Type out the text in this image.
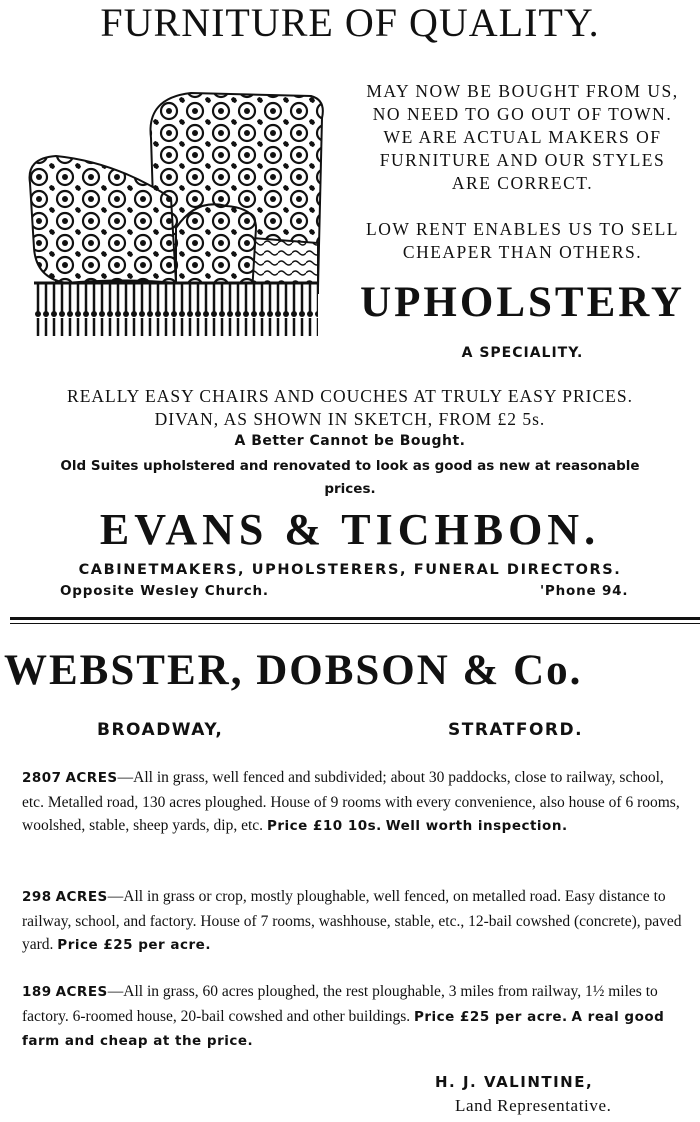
FURNITURE OF QUALITY.
MAY NOW BE BOUGHT FROM US,
NO NEED TO GO OUT OF TOWN.
WE ARE ACTUAL MAKERS OF
FURNITURE AND OUR STYLES
ARE CORRECT.
LOW RENT ENABLES US TO SELL
CHEAPER THAN OTHERS.
UPHOLSTERY
A SPECIALITY.
REALLY EASY CHAIRS AND COUCHES AT TRULY EASY PRICES.
DIVAN, AS SHOWN IN SKETCH, FROM £2 5s.
A Better Cannot be Bought.
Old Suites upholstered and renovated to look as good as new at reasonable
prices.
EVANS & TICHBON.
CABINETMAKERS, UPHOLSTERERS, FUNERAL DIRECTORS.
Opposite Wesley Church.	'Phone 94.
WEBSTER, DOBSON & Co.
BROADWAY,	STRATFORD.
2807 ACRES—All in grass, well fenced and subdivided; about 30 paddocks, close to railway, school, etc. Metalled road, 130 acres ploughed. House of 9 rooms with every convenience, also house of 6 rooms, woolshed, stable, sheep yards, dip, etc. Price £10 10s. Well worth inspection.
298 ACRES—All in grass or crop, mostly ploughable, well fenced, on metalled road. Easy distance to railway, school, and factory. House of 7 rooms, washhouse, stable, etc., 12-bail cowshed (concrete), paved yard. Price £25 per acre.
189 ACRES—All in grass, 60 acres ploughed, the rest ploughable, 3 miles from railway, 1½ miles to factory. 6-roomed house, 20-bail cowshed and other buildings. Price £25 per acre. A real good farm and cheap at the price.
H. J. VALINTINE,
Land Representative.
